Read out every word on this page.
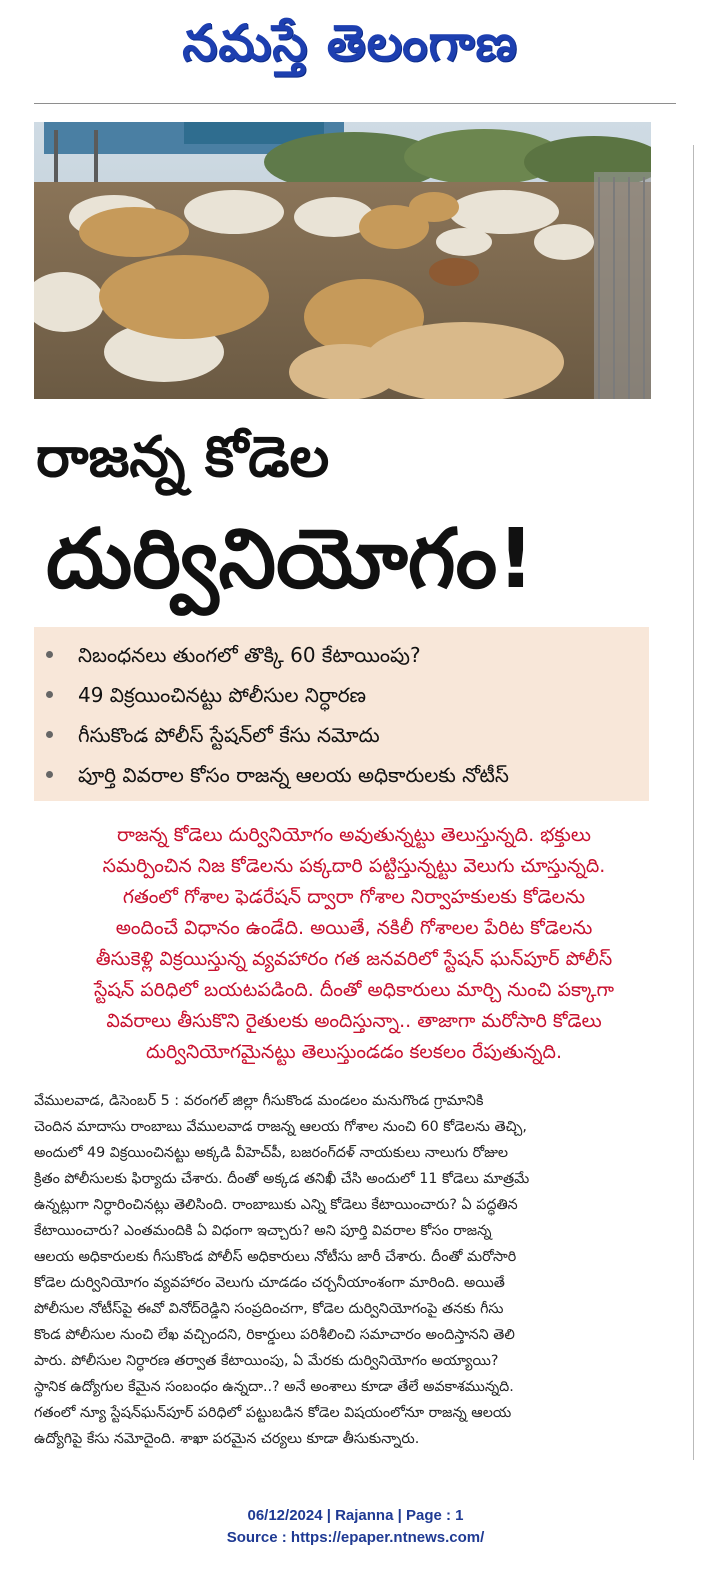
నమస్తే తెలంగాణ
రాజన్న కోడెల
దుర్వినియోగం!
నిబంధనలు తుంగలో తొక్కి 60 కేటాయింపు?
49 విక్రయించినట్టు పోలీసుల నిర్ధారణ
గీసుకొండ పోలీస్ స్టేషన్‌లో కేసు నమోదు
పూర్తి వివరాల కోసం రాజన్న ఆలయ అధికారులకు నోటీస్
రాజన్న కోడెలు దుర్వినియోగం అవుతున్నట్టు తెలుస్తున్నది. భక్తులు
సమర్పించిన నిజ కోడెలను పక్కదారి పట్టిస్తున్నట్టు వెలుగు చూస్తున్నది.
గతంలో గోశాల ఫెడరేషన్ ద్వారా గోశాల నిర్వాహకులకు కోడెలను
అందించే విధానం ఉండేది. అయితే, నకిలీ గోశాలల పేరిట కోడెలను
తీసుకెళ్లి విక్రయిస్తున్న వ్యవహారం గత జనవరిలో స్టేషన్ ఘన్‌పూర్ పోలీస్
స్టేషన్ పరిధిలో బయటపడింది. దీంతో అధికారులు మార్చి నుంచి పక్కాగా
వివరాలు తీసుకొని రైతులకు అందిస్తున్నా.. తాజాగా మరోసారి కోడెలు
దుర్వినియోగమైనట్టు తెలుస్తుండడం కలకలం రేపుతున్నది.
వేములవాడ, డిసెంబర్ 5 : వరంగల్ జిల్లా గీసుకొండ మండలం మనుగొండ గ్రామానికి
చెందిన మాదాసు రాంబాబు వేములవాడ రాజన్న ఆలయ గోశాల నుంచి 60 కోడెలను తెచ్చి,
అందులో 49 విక్రయించినట్టు అక్కడి వీహెచ్‌పీ, బజరంగ్‌దళ్ నాయకులు నాలుగు రోజుల
క్రితం పోలీసులకు ఫిర్యాదు చేశారు. దీంతో అక్కడ తనిఖీ చేసి అందులో 11 కోడెలు మాత్రమే
ఉన్నట్లుగా నిర్ధారించినట్లు తెలిసింది. రాంబాబుకు ఎన్ని కోడెలు కేటాయించారు? ఏ పద్ధతిన
కేటాయించారు? ఎంతమందికి ఏ విధంగా ఇచ్చారు? అని పూర్తి వివరాల కోసం రాజన్న
ఆలయ అధికారులకు గీసుకొండ పోలీస్ అధికారులు నోటీసు జారీ చేశారు. దీంతో మరోసారి
కోడెల దుర్వినియోగం వ్యవహారం వెలుగు చూడడం చర్చనీయాంశంగా మారింది. అయితే
పోలీసుల నోటీస్‌పై ఈవో వినోద్‌రెడ్డిని సంప్రదించగా, కోడెల దుర్వినియోగంపై తనకు గీసు
కొండ పోలీసుల నుంచి లేఖ వచ్చిందని, రికార్డులు పరిశీలించి సమాచారం అందిస్తానని తెలి
పారు. పోలీసుల నిర్ధారణ తర్వాత కేటాయింపు, ఏ మేరకు దుర్వినియోగం అయ్యాయి?
స్థానిక ఉద్యోగుల కేమైన సంబంధం ఉన్నదా..? అనే అంశాలు కూడా తేలే అవకాశమున్నది.
గతంలో న్యూ స్టేషన్‌ఘన్‌పూర్ పరిధిలో పట్టుబడిన కోడెల విషయంలోనూ రాజన్న ఆలయ
ఉద్యోగిపై కేసు నమోదైంది. శాఖా పరమైన చర్యలు కూడా తీసుకున్నారు.
06/12/2024 | Rajanna | Page : 1
Source : https://epaper.ntnews.com/
